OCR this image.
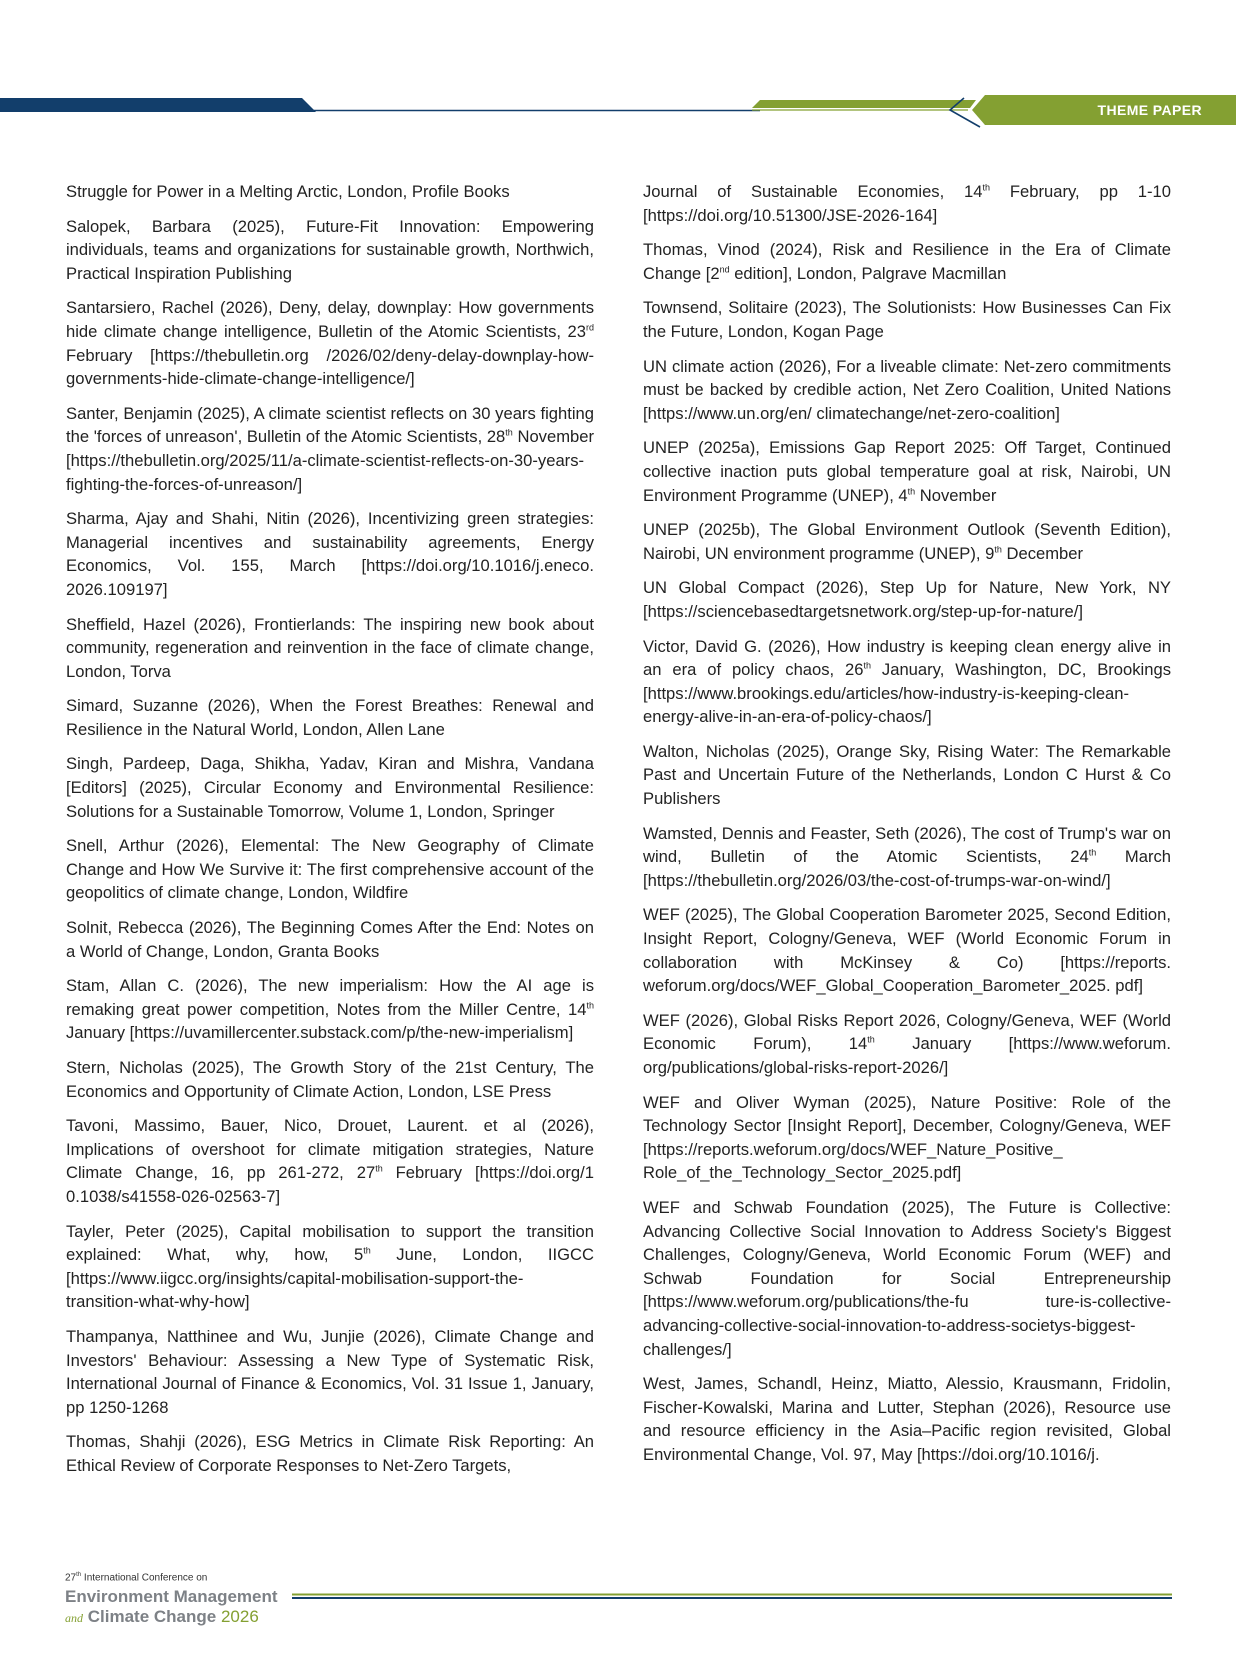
THEME PAPER

Struggle for Power in a Melting Arctic, London, Profile Books

Salopek, Barbara (2025), Future-Fit Innovation: Empowering individuals, teams and organizations for sustainable growth, Northwich, Practical Inspiration Publishing

Santarsiero, Rachel (2026), Deny, delay, downplay: How governments hide climate change intelligence, Bulletin of the Atomic Scientists, 23rd February [https://thebulletin.org /2026/02/deny-delay-downplay-how-governments-hide-climate-change-intelligence/]

Santer, Benjamin (2025), A climate scientist reflects on 30 years fighting the 'forces of unreason', Bulletin of the Atomic Scientists, 28th November [https://thebulletin.org/2025/11/a-climate-scientist-reflects-on-30-years-fighting-the-forces-of-unreason/]

Sharma, Ajay and Shahi, Nitin (2026), Incentivizing green strategies: Managerial incentives and sustainability agreements, Energy Economics, Vol. 155, March [https://doi.org/10.1016/j.eneco. 2026.109197]

Sheffield, Hazel (2026), Frontierlands: The inspiring new book about community, regeneration and reinvention in the face of climate change, London, Torva

Simard, Suzanne (2026), When the Forest Breathes: Renewal and Resilience in the Natural World, London, Allen Lane

Singh, Pardeep, Daga, Shikha, Yadav, Kiran and Mishra, Vandana [Editors] (2025), Circular Economy and Environmental Resilience: Solutions for a Sustainable Tomorrow, Volume 1, London, Springer

Snell, Arthur (2026), Elemental: The New Geography of Climate Change and How We Survive it: The first comprehensive account of the geopolitics of climate change, London, Wildfire

Solnit, Rebecca (2026), The Beginning Comes After the End: Notes on a World of Change, London, Granta Books

Stam, Allan C. (2026), The new imperialism: How the AI age is remaking great power competition, Notes from the Miller Centre, 14th January [https://uvamillercenter.substack.com/p/the-new-imperialism]

Stern, Nicholas (2025), The Growth Story of the 21st Century, The Economics and Opportunity of Climate Action, London, LSE Press

Tavoni, Massimo, Bauer, Nico, Drouet, Laurent. et al (2026), Implications of overshoot for climate mitigation strategies, Nature Climate Change, 16, pp 261-272, 27th February [https://doi.org/1 0.1038/s41558-026-02563-7]

Tayler, Peter (2025), Capital mobilisation to support the transition explained: What, why, how, 5th June, London, IIGCC [https://www.iigcc.org/insights/capital-mobilisation-support-the-transition-what-why-how]

Thampanya, Natthinee and Wu, Junjie (2026), Climate Change and Investors' Behaviour: Assessing a New Type of Systematic Risk, International Journal of Finance & Economics, Vol. 31 Issue 1, January, pp 1250-1268

Thomas, Shahji (2026), ESG Metrics in Climate Risk Reporting: An Ethical Review of Corporate Responses to Net-Zero Targets,

Journal of Sustainable Economies, 14th February, pp 1-10 [https://doi.org/10.51300/JSE-2026-164]

Thomas, Vinod (2024), Risk and Resilience in the Era of Climate Change [2nd edition], London, Palgrave Macmillan

Townsend, Solitaire (2023), The Solutionists: How Businesses Can Fix the Future, London, Kogan Page

UN climate action (2026), For a liveable climate: Net-zero commitments must be backed by credible action, Net Zero Coalition, United Nations [https://www.un.org/en/ climatechange/net-zero-coalition]

UNEP (2025a), Emissions Gap Report 2025: Off Target, Continued collective inaction puts global temperature goal at risk, Nairobi, UN Environment Programme (UNEP), 4th November

UNEP (2025b), The Global Environment Outlook (Seventh Edition), Nairobi, UN environment programme (UNEP), 9th December

UN Global Compact (2026), Step Up for Nature, New York, NY [https://sciencebasedtargetsnetwork.org/step-up-for-nature/]

Victor, David G. (2026), How industry is keeping clean energy alive in an era of policy chaos, 26th January, Washington, DC, Brookings [https://www.brookings.edu/articles/how-industry-is-keeping-clean-energy-alive-in-an-era-of-policy-chaos/]

Walton, Nicholas (2025), Orange Sky, Rising Water: The Remarkable Past and Uncertain Future of the Netherlands, London C Hurst & Co Publishers

Wamsted, Dennis and Feaster, Seth (2026), The cost of Trump's war on wind, Bulletin of the Atomic Scientists, 24th March [https://thebulletin.org/2026/03/the-cost-of-trumps-war-on-wind/]

WEF (2025), The Global Cooperation Barometer 2025, Second Edition, Insight Report, Cologny/Geneva, WEF (World Economic Forum in collaboration with McKinsey & Co) [https://reports. weforum.org/docs/WEF_Global_Cooperation_Barometer_2025. pdf]

WEF (2026), Global Risks Report 2026, Cologny/Geneva, WEF (World Economic Forum), 14th January [https://www.weforum. org/publications/global-risks-report-2026/]

WEF and Oliver Wyman (2025), Nature Positive: Role of the Technology Sector [Insight Report], December, Cologny/Geneva, WEF [https://reports.weforum.org/docs/WEF_Nature_Positive_ Role_of_the_Technology_Sector_2025.pdf]

WEF and Schwab Foundation (2025), The Future is Collective: Advancing Collective Social Innovation to Address Society's Biggest Challenges, Cologny/Geneva, World Economic Forum (WEF) and Schwab Foundation for Social Entrepreneurship [https://www.weforum.org/publications/the-fu ture-is-collective-advancing-collective-social-innovation-to-address-societys-biggest-challenges/]

West, James, Schandl, Heinz, Miatto, Alessio, Krausmann, Fridolin, Fischer-Kowalski, Marina and Lutter, Stephan (2026), Resource use and resource efficiency in the Asia–Pacific region revisited, Global Environmental Change, Vol. 97, May [https://doi.org/10.1016/j.

27th International Conference on
Environment Management
and Climate Change 2026
